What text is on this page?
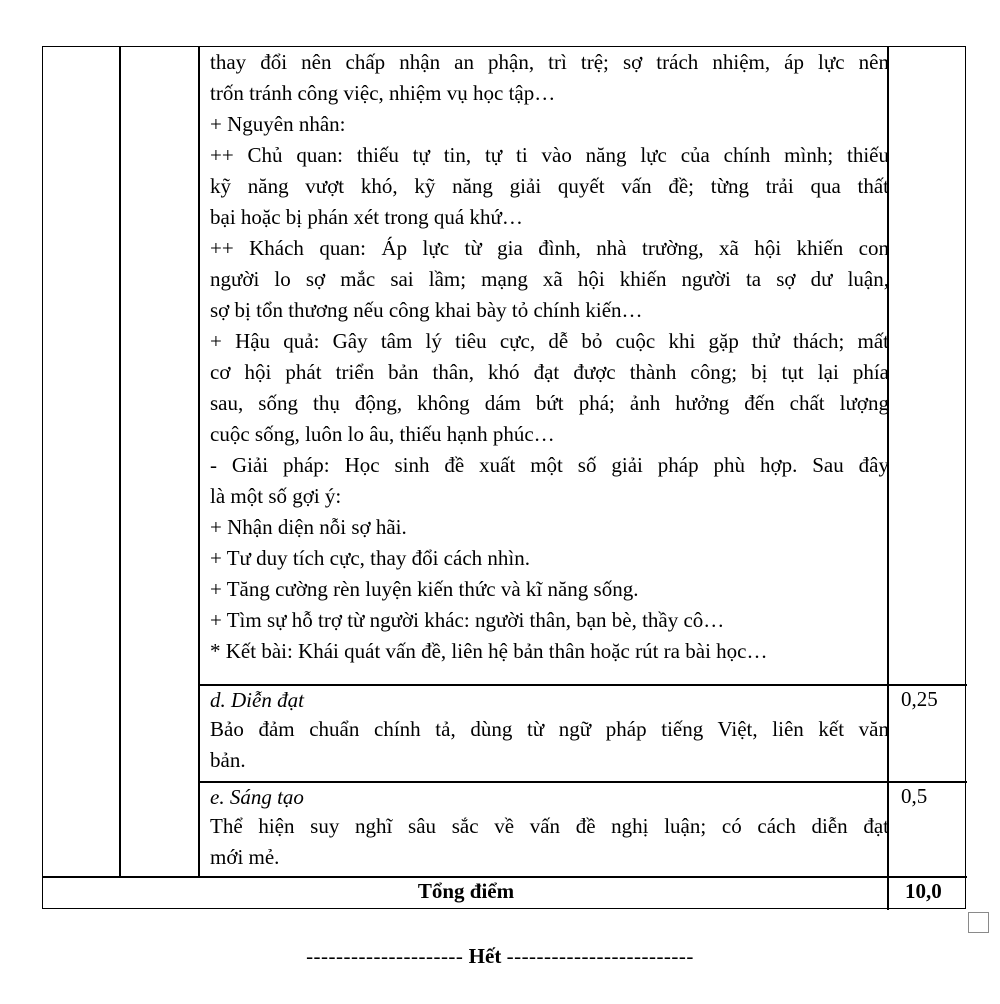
thay đổi nên chấp nhận an phận, trì trệ; sợ trách nhiệm, áp lực nên
trốn tránh công việc, nhiệm vụ học tập…
+ Nguyên nhân:
++ Chủ quan: thiếu tự tin, tự ti vào năng lực của chính mình; thiếu
kỹ năng vượt khó, kỹ năng giải quyết vấn đề; từng trải qua thất
bại hoặc bị phán xét trong quá khứ…
++ Khách quan: Áp lực từ gia đình, nhà trường, xã hội khiến con
người lo sợ mắc sai lầm; mạng xã hội khiến người ta sợ dư luận,
sợ bị tổn thương nếu công khai bày tỏ chính kiến…
+ Hậu quả: Gây tâm lý tiêu cực, dễ bỏ cuộc khi gặp thử thách; mất
cơ hội phát triển bản thân, khó đạt được thành công; bị tụt lại phía
sau, sống thụ động, không dám bứt phá; ảnh hưởng đến chất lượng
cuộc sống, luôn lo âu, thiếu hạnh phúc…
- Giải pháp: Học sinh đề xuất một số giải pháp phù hợp. Sau đây
là một số gợi ý:
+ Nhận diện nỗi sợ hãi.
+ Tư duy tích cực, thay đổi cách nhìn.
+ Tăng cường rèn luyện kiến thức và kĩ năng sống.
+ Tìm sự hỗ trợ từ người khác: người thân, bạn bè, thầy cô…
* Kết bài: Khái quát vấn đề, liên hệ bản thân hoặc rút ra bài học…
d. Diễn đạt
Bảo đảm chuẩn chính tả, dùng từ ngữ pháp tiếng Việt, liên kết văn
bản.
0,25
e. Sáng tạo
Thể hiện suy nghĩ sâu sắc về vấn đề nghị luận; có cách diễn đạt
mới mẻ.
0,5
Tổng điểm	10,0
--------------------- Hết -------------------------
